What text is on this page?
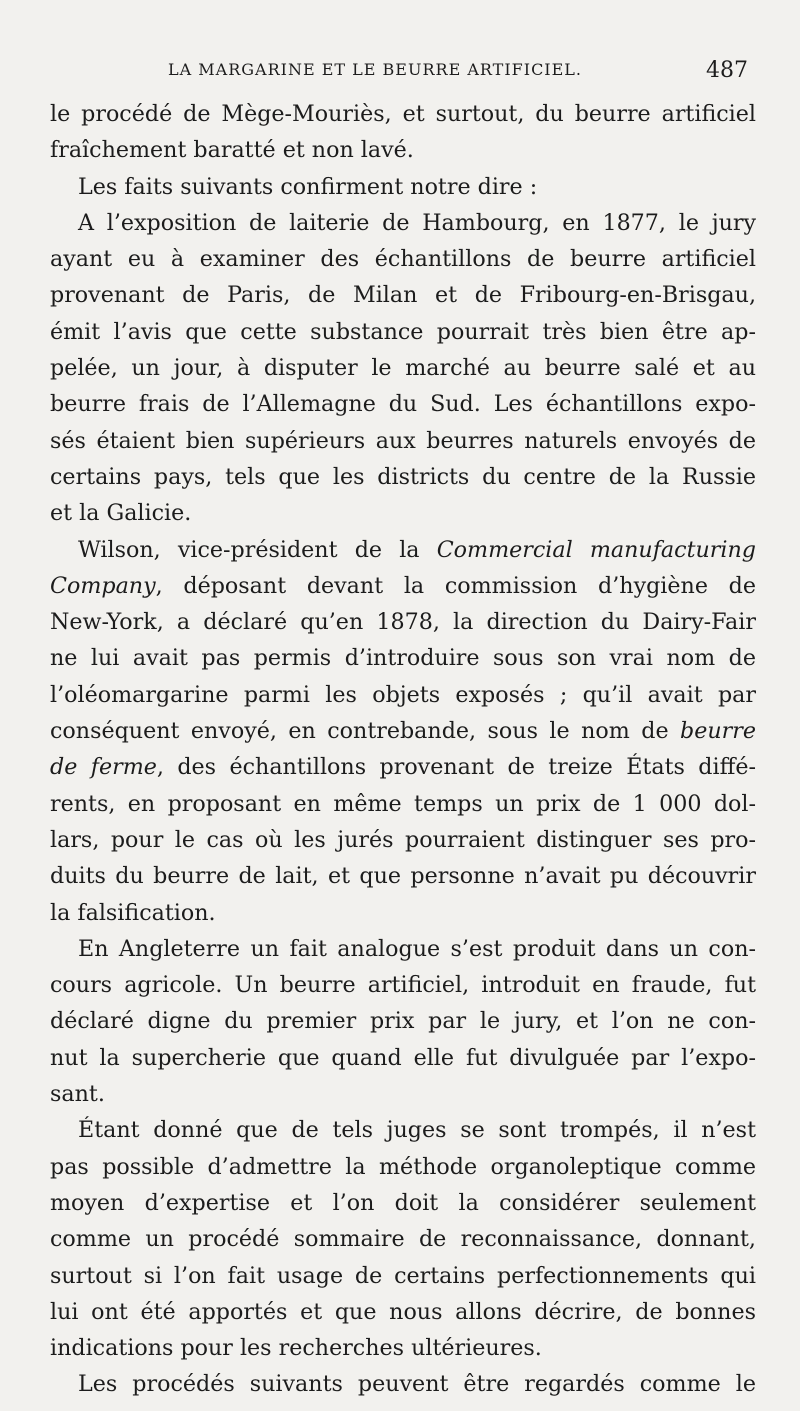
LA MARGARINE ET LE BEURRE ARTIFICIEL.	487
le procédé de Mège-Mouriès, et surtout, du beurre artificiel
fraîchement baratté et non lavé.
Les faits suivants confirment notre dire :
A l’exposition de laiterie de Hambourg, en 1877, le jury
ayant eu à examiner des échantillons de beurre artificiel
provenant de Paris, de Milan et de Fribourg-en-Brisgau,
émit l’avis que cette substance pourrait très bien être ap-
pelée, un jour, à disputer le marché au beurre salé et au
beurre frais de l’Allemagne du Sud. Les échantillons expo-
sés étaient bien supérieurs aux beurres naturels envoyés de
certains pays, tels que les districts du centre de la Russie
et la Galicie.
Wilson, vice-président de la Commercial manufacturing
Company, déposant devant la commission d’hygiène de
New-York, a déclaré qu’en 1878, la direction du Dairy-Fair
ne lui avait pas permis d’introduire sous son vrai nom de
l’oléomargarine parmi les objets exposés ; qu’il avait par
conséquent envoyé, en contrebande, sous le nom de beurre
de ferme, des échantillons provenant de treize États diffé-
rents, en proposant en même temps un prix de 1 000 dol-
lars, pour le cas où les jurés pourraient distinguer ses pro-
duits du beurre de lait, et que personne n’avait pu découvrir
la falsification.
En Angleterre un fait analogue s’est produit dans un con-
cours agricole. Un beurre artificiel, introduit en fraude, fut
déclaré digne du premier prix par le jury, et l’on ne con-
nut la supercherie que quand elle fut divulguée par l’expo-
sant.
Étant donné que de tels juges se sont trompés, il n’est
pas possible d’admettre la méthode organoleptique comme
moyen d’expertise et l’on doit la considérer seulement
comme un procédé sommaire de reconnaissance, donnant,
surtout si l’on fait usage de certains perfectionnements qui
lui ont été apportés et que nous allons décrire, de bonnes
indications pour les recherches ultérieures.
Les procédés suivants peuvent être regardés comme le
